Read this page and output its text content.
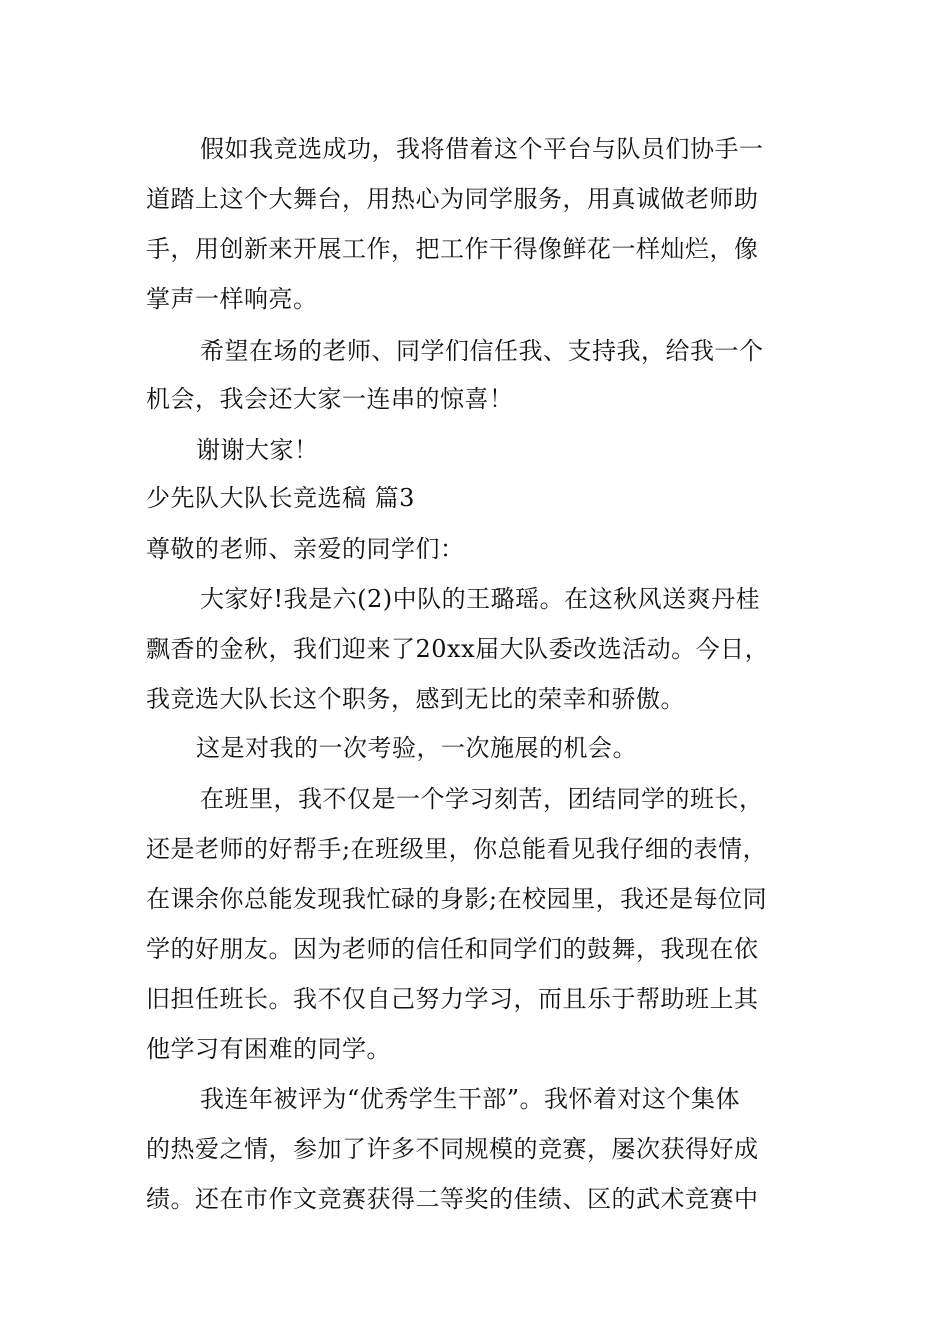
假如我竞选成功，我将借着这个平台与队员们协手一
道踏上这个大舞台，用热心为同学服务，用真诚做老师助
手，用创新来开展工作，把工作干得像鲜花一样灿烂，像
掌声一样响亮。
希望在场的老师、同学们信任我、支持我，给我一个
机会，我会还大家一连串的惊喜！
谢谢大家！
少先队大队长竞选稿 篇3
尊敬的老师、亲爱的同学们：
大家好!我是六(2)中队的王璐瑶。在这秋风送爽丹桂
飘香的金秋，我们迎来了20xx届大队委改选活动。今日，
我竞选大队长这个职务，感到无比的荣幸和骄傲。
这是对我的一次考验，一次施展的机会。
在班里，我不仅是一个学习刻苦，团结同学的班长，
还是老师的好帮手;在班级里，你总能看见我仔细的表情，
在课余你总能发现我忙碌的身影;在校园里，我还是每位同
学的好朋友。因为老师的信任和同学们的鼓舞，我现在依
旧担任班长。我不仅自己努力学习，而且乐于帮助班上其
他学习有困难的同学。
我连年被评为“优秀学生干部”。我怀着对这个集体
的热爱之情，参加了许多不同规模的竞赛，屡次获得好成
绩。还在市作文竞赛获得二等奖的佳绩、区的武术竞赛中
